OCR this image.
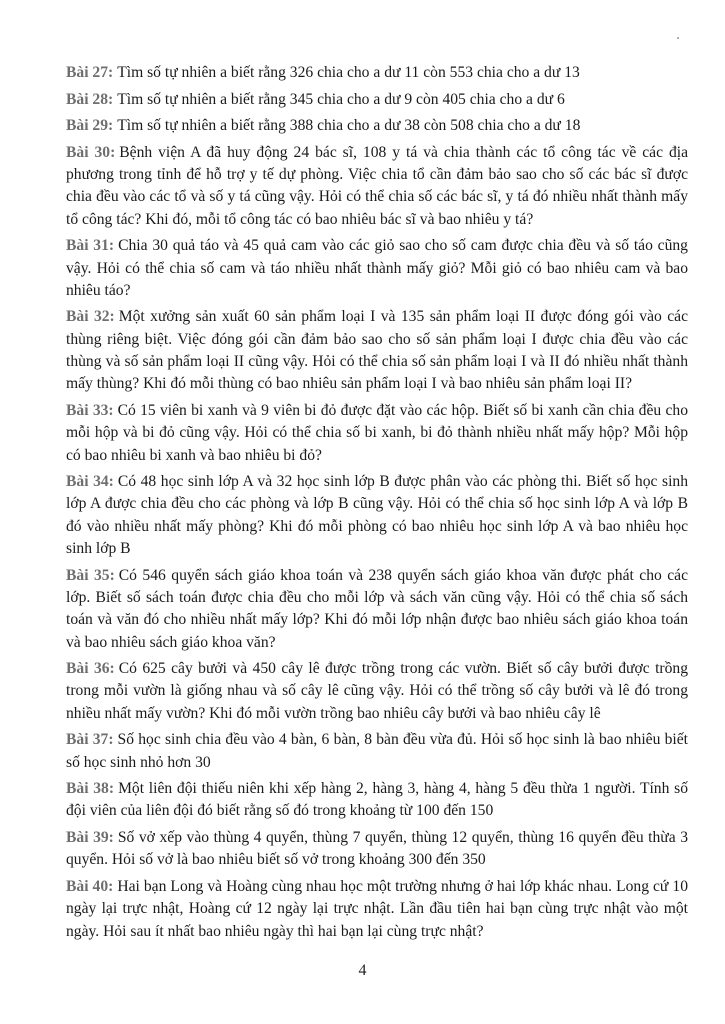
Bài 27: Tìm số tự nhiên a biết rằng 326 chia cho a dư 11 còn 553 chia cho a dư 13
Bài 28: Tìm số tự nhiên a biết rằng 345 chia cho a dư 9 còn 405 chia cho a dư 6
Bài 29: Tìm số tự nhiên a biết rằng 388 chia cho a dư 38 còn 508 chia cho a dư 18
Bài 30: Bệnh viện A đã huy động 24 bác sĩ, 108 y tá và chia thành các tổ công tác về các địa phương trong tỉnh để hỗ trợ y tế dự phòng. Việc chia tổ cần đảm bảo sao cho số các bác sĩ được chia đều vào các tổ và số y tá cũng vậy. Hỏi có thể chia số các bác sĩ, y tá đó nhiều nhất thành mấy tổ công tác? Khi đó, mỗi tổ công tác có bao nhiêu bác sĩ và bao nhiêu y tá?
Bài 31: Chia 30 quả táo và 45 quả cam vào các giỏ sao cho số cam được chia đều và số táo cũng vậy. Hỏi có thể chia số cam và táo nhiều nhất thành mấy giỏ? Mỗi giỏ có bao nhiêu cam và bao nhiêu táo?
Bài 32: Một xưởng sản xuất 60 sản phẩm loại I và 135 sản phẩm loại II được đóng gói vào các thùng riêng biệt. Việc đóng gói cần đảm bảo sao cho số sản phẩm loại I được chia đều vào các thùng và số sản phẩm loại II cũng vậy. Hỏi có thể chia số sản phẩm loại I và II đó nhiều nhất thành mấy thùng? Khi đó mỗi thùng có bao nhiêu sản phẩm loại I và bao nhiêu sản phẩm loại II?
Bài 33: Có 15 viên bi xanh và 9 viên bi đỏ được đặt vào các hộp. Biết số bi xanh cần chia đều cho mỗi hộp và bi đỏ cũng vậy. Hỏi có thể chia số bi xanh, bi đỏ thành nhiều nhất mấy hộp? Mỗi hộp có bao nhiêu bi xanh và bao nhiêu bi đỏ?
Bài 34: Có 48 học sinh lớp A và 32 học sinh lớp B được phân vào các phòng thi. Biết số học sinh lớp A được chia đều cho các phòng và lớp B cũng vậy. Hỏi có thể chia số học sinh lớp A và lớp B đó vào nhiều nhất mấy phòng? Khi đó mỗi phòng có bao nhiêu học sinh lớp A và bao nhiêu học sinh lớp B
Bài 35: Có 546 quyển sách giáo khoa toán và 238 quyển sách giáo khoa văn được phát cho các lớp. Biết số sách toán được chia đều cho mỗi lớp và sách văn cũng vậy. Hỏi có thể chia số sách toán và văn đó cho nhiều nhất mấy lớp? Khi đó mỗi lớp nhận được bao nhiêu sách giáo khoa toán và bao nhiêu sách giáo khoa văn?
Bài 36: Có 625 cây bưởi và 450 cây lê được trồng trong các vườn. Biết số cây bưởi được trồng trong mỗi vườn là giống nhau và số cây lê cũng vậy. Hỏi có thể trồng số cây bưởi và lê đó trong nhiều nhất mấy vườn? Khi đó mỗi vườn trồng bao nhiêu cây bưởi và bao nhiêu cây lê
Bài 37: Số học sinh chia đều vào 4 bàn, 6 bàn, 8 bàn đều vừa đủ. Hỏi số học sinh là bao nhiêu biết số học sinh nhỏ hơn 30
Bài 38: Một liên đội thiếu niên khi xếp hàng 2, hàng 3, hàng 4, hàng 5 đều thừa 1 người. Tính số đội viên của liên đội đó biết rằng số đó trong khoảng từ 100 đến 150
Bài 39: Số vở xếp vào thùng 4 quyển, thùng 7 quyển, thùng 12 quyển, thùng 16 quyển đều thừa 3 quyển. Hỏi số vở là bao nhiêu biết số vở trong khoảng 300 đến 350
Bài 40: Hai bạn Long và Hoàng cùng nhau học một trường nhưng ở hai lớp khác nhau. Long cứ 10 ngày lại trực nhật, Hoàng cứ 12 ngày lại trực nhật. Lần đầu tiên hai bạn cùng trực nhật vào một ngày. Hỏi sau ít nhất bao nhiêu ngày thì hai bạn lại cùng trực nhật?
4
